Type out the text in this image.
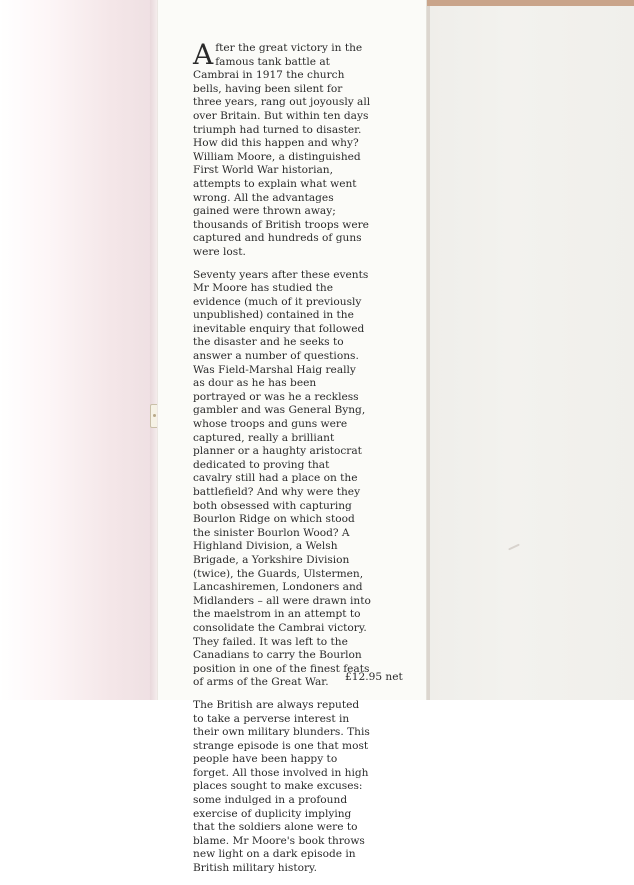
After the great victory in the famous tank battle at Cambrai in 1917 the church bells, having been silent for three years, rang out joyously all over Britain. But within ten days triumph had turned to disaster. How did this happen and why? William Moore, a distinguished First World War historian, attempts to explain what went wrong. All the advantages gained were thrown away; thousands of British troops were captured and hundreds of guns were lost.

Seventy years after these events Mr Moore has studied the evidence (much of it previously unpublished) contained in the inevitable enquiry that followed the disaster and he seeks to answer a number of questions. Was Field-Marshal Haig really as dour as he has been portrayed or was he a reckless gambler and was General Byng, whose troops and guns were captured, really a brilliant planner or a haughty aristocrat dedicated to proving that cavalry still had a place on the battlefield? And why were they both obsessed with capturing Bourlon Ridge on which stood the sinister Bourlon Wood? A Highland Division, a Welsh Brigade, a Yorkshire Division (twice), the Guards, Ulstermen, Lancashiremen, Londoners and Midlanders – all were drawn into the maelstrom in an attempt to consolidate the Cambrai victory. They failed. It was left to the Canadians to carry the Bourlon position in one of the finest feats of arms of the Great War.

The British are always reputed to take a perverse interest in their own military blunders. This strange episode is one that most people have been happy to forget. All those involved in high places sought to make excuses: some indulged in a profound exercise of duplicity implying that the soldiers alone were to blame. Mr Moore's book throws new light on a dark episode in British military history.

£12.95 net
